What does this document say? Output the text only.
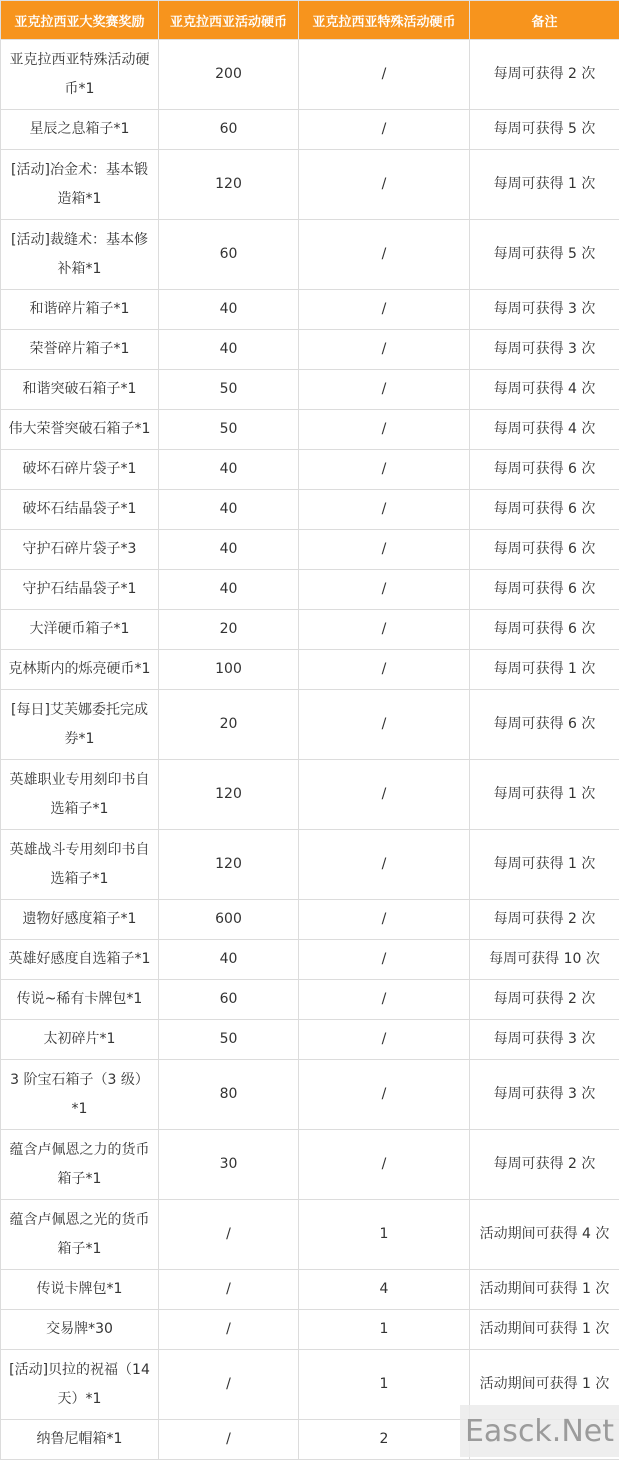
亚克拉西亚大奖赛奖励	亚克拉西亚活动硬币	亚克拉西亚特殊活动硬币	备注
亚克拉西亚特殊活动硬币*1	200	/	每周可获得 2 次
星辰之息箱子*1	60	/	每周可获得 5 次
[活动]冶金术：基本锻造箱*1	120	/	每周可获得 1 次
[活动]裁缝术：基本修补箱*1	60	/	每周可获得 5 次
和谐碎片箱子*1	40	/	每周可获得 3 次
荣誉碎片箱子*1	40	/	每周可获得 3 次
和谐突破石箱子*1	50	/	每周可获得 4 次
伟大荣誉突破石箱子*1	50	/	每周可获得 4 次
破坏石碎片袋子*1	40	/	每周可获得 6 次
破坏石结晶袋子*1	40	/	每周可获得 6 次
守护石碎片袋子*3	40	/	每周可获得 6 次
守护石结晶袋子*1	40	/	每周可获得 6 次
大洋硬币箱子*1	20	/	每周可获得 6 次
克林斯内的烁亮硬币*1	100	/	每周可获得 1 次
[每日]艾芙娜委托完成券*1	20	/	每周可获得 6 次
英雄职业专用刻印书自选箱子*1	120	/	每周可获得 1 次
英雄战斗专用刻印书自选箱子*1	120	/	每周可获得 1 次
遗物好感度箱子*1	600	/	每周可获得 2 次
英雄好感度自选箱子*1	40	/	每周可获得 10 次
传说~稀有卡牌包*1	60	/	每周可获得 2 次
太初碎片*1	50	/	每周可获得 3 次
3 阶宝石箱子（3 级）*1	80	/	每周可获得 3 次
蕴含卢佩恩之力的货币箱子*1	30	/	每周可获得 2 次
蕴含卢佩恩之光的货币箱子*1	/	1	活动期间可获得 4 次
传说卡牌包*1	/	4	活动期间可获得 1 次
交易牌*30	/	1	活动期间可获得 1 次
[活动]贝拉的祝福（14 天）*1	/	1	活动期间可获得 1 次
纳鲁尼帽箱*1	/	2		Easck.Net
